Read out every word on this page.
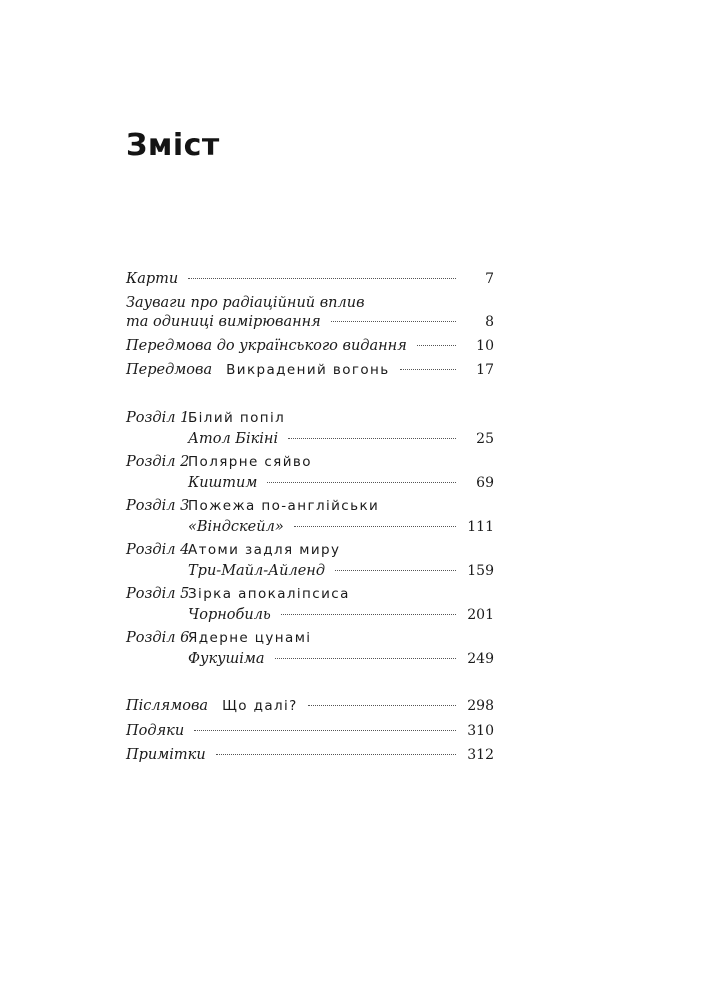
Зміст
Карти	7
Зауваги про радіаційний вплив
та одиниці вимірювання	8
Передмова до українського видання	10
Передмова Викрадений вогонь	17
Розділ 1
Білий попіл
Атол Бікіні	25
Розділ 2
Полярне сяйво
Киштим	69
Розділ 3
Пожежа по-англійськи
«Віндскейл»	111
Розділ 4
Атоми задля миру
Три-Майл-Айленд	159
Розділ 5
Зірка апокаліпсиса
Чорнобиль	201
Розділ 6
Ядерне цунамі
Фукушіма	249
Післямова Що далі?	298
Подяки	310
Примітки	312
